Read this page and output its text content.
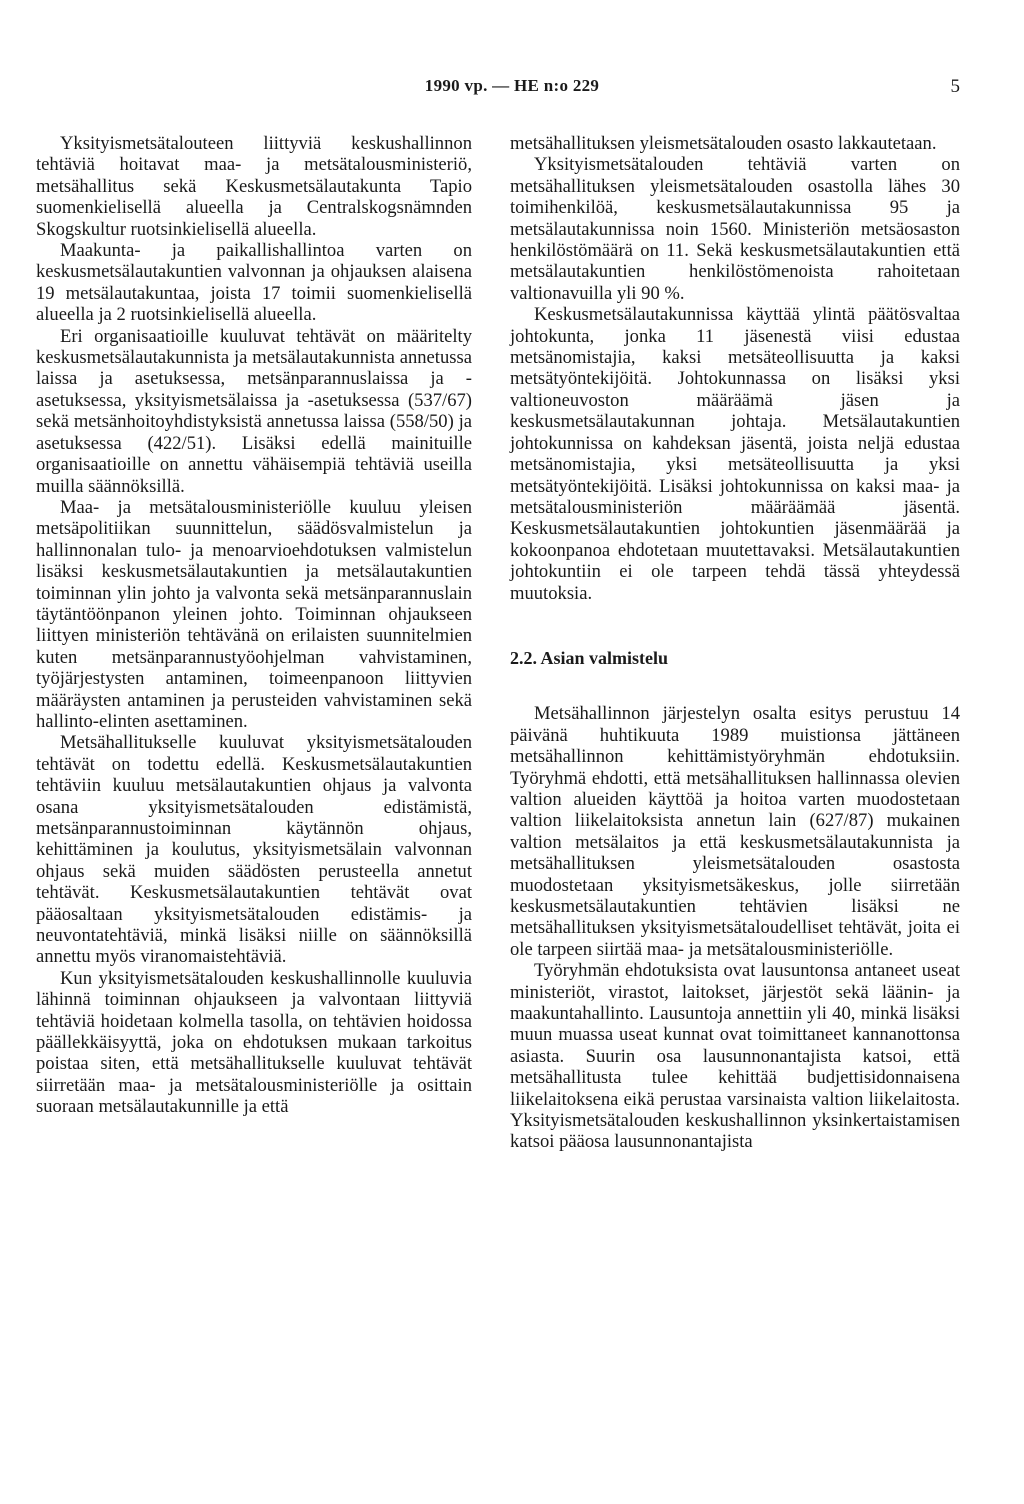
1990 vp. — HE n:o 229	5

Yksityismetsätalouteen liittyviä keskushallinnon tehtäviä hoitavat maa- ja metsätalousministeriö, metsähallitus sekä Keskusmetsälautakunta Tapio suomenkielisellä alueella ja Centralskogsnämnden Skogskultur ruotsinkielisellä alueella.

Maakunta- ja paikallishallintoa varten on keskusmetsälautakuntien valvonnan ja ohjauksen alaisena 19 metsälautakuntaa, joista 17 toimii suomenkielisellä alueella ja 2 ruotsinkielisellä alueella.

Eri organisaatioille kuuluvat tehtävät on määritelty keskusmetsälautakunnista ja metsälautakunnista annetussa laissa ja asetuksessa, metsänparannuslaissa ja -asetuksessa, yksityismetsälaissa ja -asetuksessa (537/67) sekä metsänhoitoyhdistyksistä annetussa laissa (558/50) ja asetuksessa (422/51). Lisäksi edellä mainituille organisaatioille on annettu vähäisempiä tehtäviä useilla muilla säännöksillä.

Maa- ja metsätalousministeriölle kuuluu yleisen metsäpolitiikan suunnittelun, säädösvalmistelun ja hallinnonalan tulo- ja menoarvioehdotuksen valmistelun lisäksi keskusmetsälautakuntien ja metsälautakuntien toiminnan ylin johto ja valvonta sekä metsänparannuslain täytäntöönpanon yleinen johto. Toiminnan ohjaukseen liittyen ministeriön tehtävänä on erilaisten suunnitelmien kuten metsänparannustyöohjelman vahvistaminen, työjärjestysten antaminen, toimeenpanoon liittyvien määräysten antaminen ja perusteiden vahvistaminen sekä hallinto-elinten asettaminen.

Metsähallitukselle kuuluvat yksityismetsätalouden tehtävät on todettu edellä. Keskusmetsälautakuntien tehtäviin kuuluu metsälautakuntien ohjaus ja valvonta osana yksityismetsätalouden edistämistä, metsänparannustoiminnan käytännön ohjaus, kehittäminen ja koulutus, yksityismetsälain valvonnan ohjaus sekä muiden säädösten perusteella annetut tehtävät. Keskusmetsälautakuntien tehtävät ovat pääosaltaan yksityismetsätalouden edistämis- ja neuvontatehtäviä, minkä lisäksi niille on säännöksillä annettu myös viranomaistehtäviä.

Kun yksityismetsätalouden keskushallinnolle kuuluvia lähinnä toiminnan ohjaukseen ja valvontaan liittyviä tehtäviä hoidetaan kolmella tasolla, on tehtävien hoidossa päällekkäisyyttä, joka on ehdotuksen mukaan tarkoitus poistaa siten, että metsähallitukselle kuuluvat tehtävät siirretään maa- ja metsätalousministeriölle ja osittain suoraan metsälautakunnille ja että

metsähallituksen yleismetsätalouden osasto lakkautetaan.

Yksityismetsätalouden tehtäviä varten on metsähallituksen yleismetsätalouden osastolla lähes 30 toimihenkilöä, keskusmetsälautakunnissa 95 ja metsälautakunnissa noin 1560. Ministeriön metsäosaston henkilöstömäärä on 11. Sekä keskusmetsälautakuntien että metsälautakuntien henkilöstömenoista rahoitetaan valtionavuilla yli 90 %.

Keskusmetsälautakunnissa käyttää ylintä päätösvaltaa johtokunta, jonka 11 jäsenestä viisi edustaa metsänomistajia, kaksi metsäteollisuutta ja kaksi metsätyöntekijöitä. Johtokunnassa on lisäksi yksi valtioneuvoston määräämä jäsen ja keskusmetsälautakunnan johtaja. Metsälautakuntien johtokunnissa on kahdeksan jäsentä, joista neljä edustaa metsänomistajia, yksi metsäteollisuutta ja yksi metsätyöntekijöitä. Lisäksi johtokunnissa on kaksi maa- ja metsätalousministeriön määräämää jäsentä. Keskusmetsälautakuntien johtokuntien jäsenmäärää ja kokoonpanoa ehdotetaan muutettavaksi. Metsälautakuntien johtokuntiin ei ole tarpeen tehdä tässä yhteydessä muutoksia.

2.2. Asian valmistelu

Metsähallinnon järjestelyn osalta esitys perustuu 14 päivänä huhtikuuta 1989 muistionsa jättäneen metsähallinnon kehittämistyöryhmän ehdotuksiin. Työryhmä ehdotti, että metsähallituksen hallinnassa olevien valtion alueiden käyttöä ja hoitoa varten muodostetaan valtion liikelaitoksista annetun lain (627/87) mukainen valtion metsälaitos ja että keskusmetsälautakunnista ja metsähallituksen yleismetsätalouden osastosta muodostetaan yksityismetsäkeskus, jolle siirretään keskusmetsälautakuntien tehtävien lisäksi ne metsähallituksen yksityismetsätaloudelliset tehtävät, joita ei ole tarpeen siirtää maa- ja metsätalousministeriölle.

Työryhmän ehdotuksista ovat lausuntonsa antaneet useat ministeriöt, virastot, laitokset, järjestöt sekä läänin- ja maakuntahallinto. Lausuntoja annettiin yli 40, minkä lisäksi muun muassa useat kunnat ovat toimittaneet kannanottonsa asiasta. Suurin osa lausunnonantajista katsoi, että metsähallitusta tulee kehittää budjettisidonnaisena liikelaitoksena eikä perustaa varsinaista valtion liikelaitosta. Yksityismetsätalouden keskushallinnon yksinkertaistamisen katsoi pääosa lausunnonantajista
